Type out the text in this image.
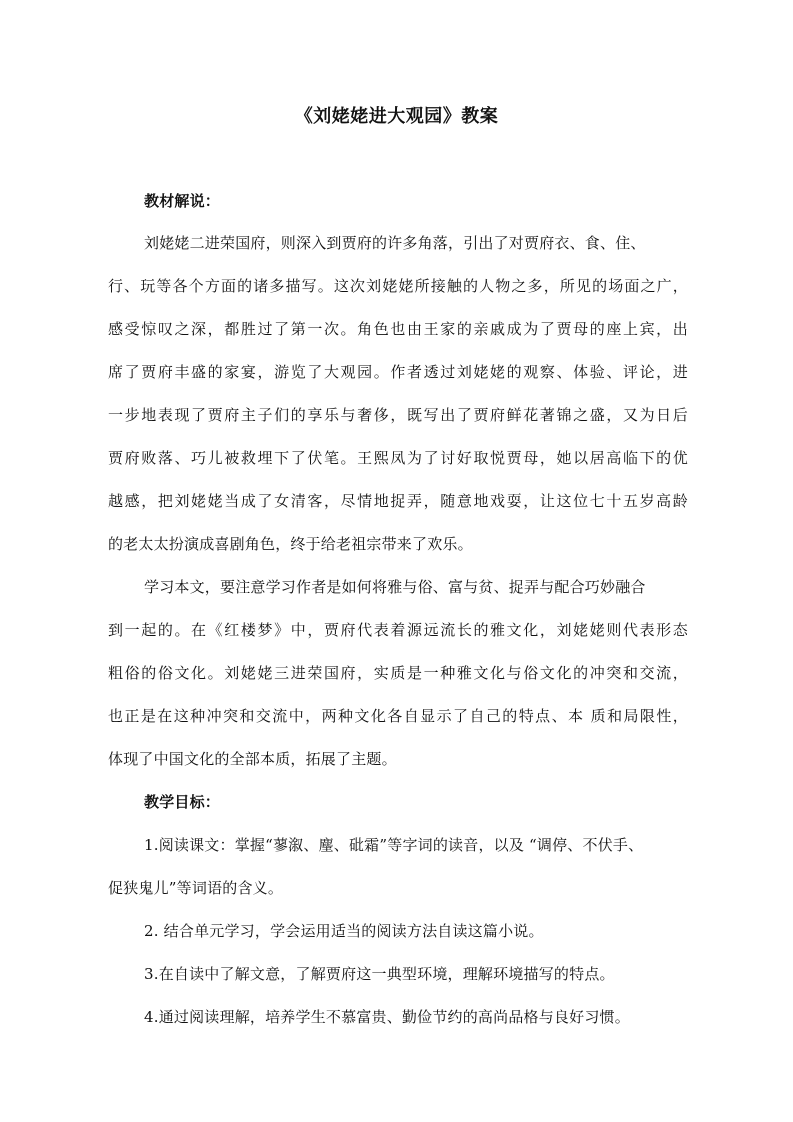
《刘姥姥进大观园》教案
教材解说：
刘姥姥二进荣国府，则深入到贾府的许多角落，引出了对贾府衣、食、住、
行、玩等各个方面的诸多描写。这次刘姥姥所接触的人物之多，所见的场面之广，
感受惊叹之深，都胜过了第一次。角色也由王家的亲戚成为了贾母的座上宾，出
席了贾府丰盛的家宴，游览了大观园。作者透过刘姥姥的观察、体验、评论，进
一步地表现了贾府主子们的享乐与奢侈，既写出了贾府鲜花著锦之盛，又为日后
贾府败落、巧儿被救埋下了伏笔。王熙凤为了讨好取悦贾母，她以居高临下的优
越感，把刘姥姥当成了女清客，尽情地捉弄，随意地戏耍，让这位七十五岁高龄
的老太太扮演成喜剧角色，终于给老祖宗带来了欢乐。
学习本文，要注意学习作者是如何将雅与俗、富与贫、捉弄与配合巧妙融合
到一起的。在《红楼梦》中，贾府代表着源远流长的雅文化，刘姥姥则代表形态
粗俗的俗文化。刘姥姥三进荣国府，实质是一种雅文化与俗文化的冲突和交流，
也正是在这种冲突和交流中，两种文化各自显示了自己的特点、本 质和局限性，
体现了中国文化的全部本质，拓展了主题。
教学目标：
1.阅读课文：掌握“蓼溆、麈、砒霜”等字词的读音，以及 “调停、不伏手、
促狭鬼儿”等词语的含义。
2. 结合单元学习，学会运用适当的阅读方法自读这篇小说。
3.在自读中了解文意，了解贾府这一典型环境，理解环境描写的特点。
4.通过阅读理解，培养学生不慕富贵、勤俭节约的高尚品格与良好习惯。
